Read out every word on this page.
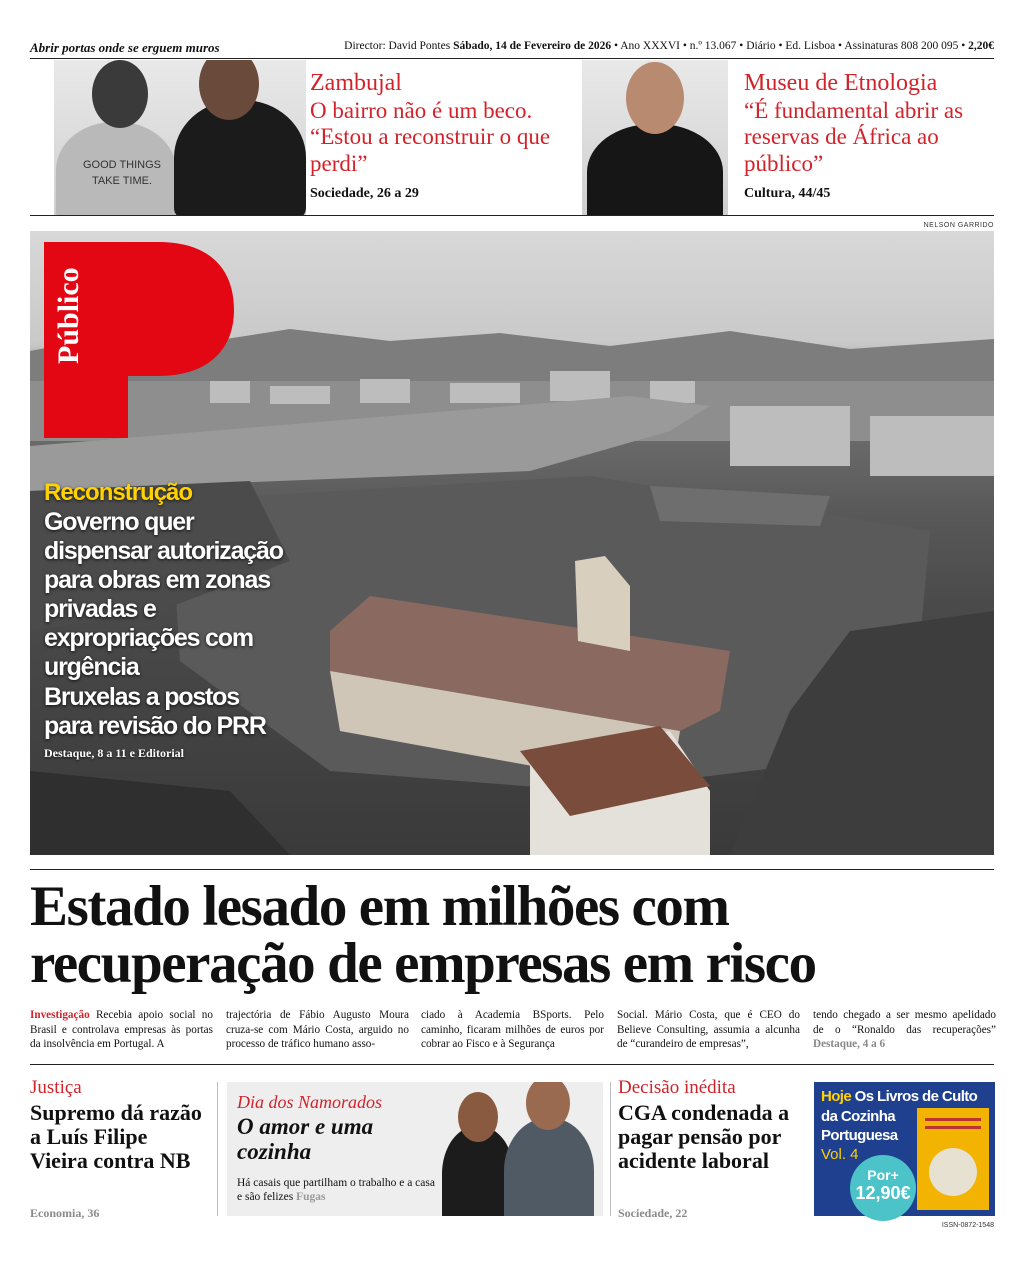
Abrir portas onde se erguem muros	Director: David Pontes Sábado, 14 de Fevereiro de 2026 • Ano XXXVI • n.º 13.067 • Diário • Ed. Lisboa • Assinaturas 808 200 095 • 2,20€
GOOD THINGS TAKE TIME.
Zambujal
O bairro não é um beco. “Estou a reconstruir o que perdi”
Sociedade, 26 a 29
Museu de Etnologia
“É fundamental abrir as reservas de África ao público”
Cultura, 44/45
NELSON GARRIDO
Público
Reconstrução
Governo quer dispensar autorização para obras em zonas privadas e expropriações com urgência
Bruxelas a postos para revisão do PRR
Destaque, 8 a 11 e Editorial
Estado lesado em milhões com recuperação de empresas em risco
Investigação Recebia apoio social no Brasil e controlava empresas às portas da insolvência em Portugal. A
trajectória de Fábio Augusto Moura cruza-se com Mário Costa, arguido no processo de tráfico humano asso-
ciado à Academia BSports. Pelo caminho, ficaram milhões de euros por cobrar ao Fisco e à Segurança
Social. Mário Costa, que é CEO do Believe Consulting, assumia a alcunha de “curandeiro de empresas”,
tendo chegado a ser mesmo apelidado de o “Ronaldo das recuperações” Destaque, 4 a 6
Justiça
Supremo dá razão a Luís Filipe Vieira contra NB
Economia, 36
Dia dos Namorados
O amor e uma cozinha
Há casais que partilham o trabalho e a casa e são felizes Fugas
Decisão inédita
CGA condenada a pagar pensão por acidente laboral
Sociedade, 22
Hoje Os Livros de Culto
da Cozinha
Portuguesa
Vol. 4
Por+
12,90€
ISSN-0872-1548
